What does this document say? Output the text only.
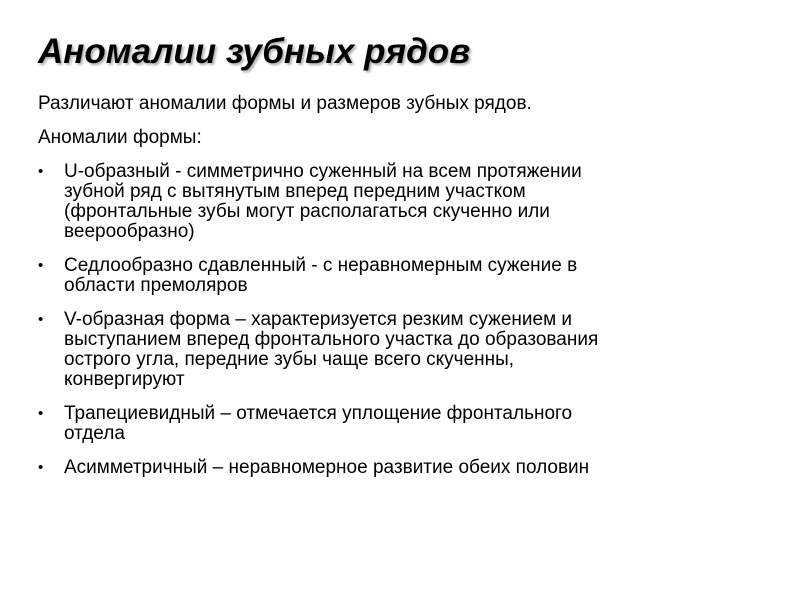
Аномалии зубных рядов

Различают аномалии формы и размеров зубных рядов.

Аномалии формы:

•	U-образный - симметрично суженный на всем протяжении
зубной ряд с вытянутым вперед передним участком
(фронтальные зубы могут располагаться скученно или
веерообразно)
•	Седлообразно сдавленный - с неравномерным сужение в
области премоляров
•	V-образная форма – характеризуется резким сужением и
выступанием вперед фронтального участка до образования
острого угла, передние зубы чаще всего скученны,
конвергируют
•	Трапециевидный – отмечается уплощение фронтального
отдела
•	Асимметричный – неравномерное развитие обеих половин
